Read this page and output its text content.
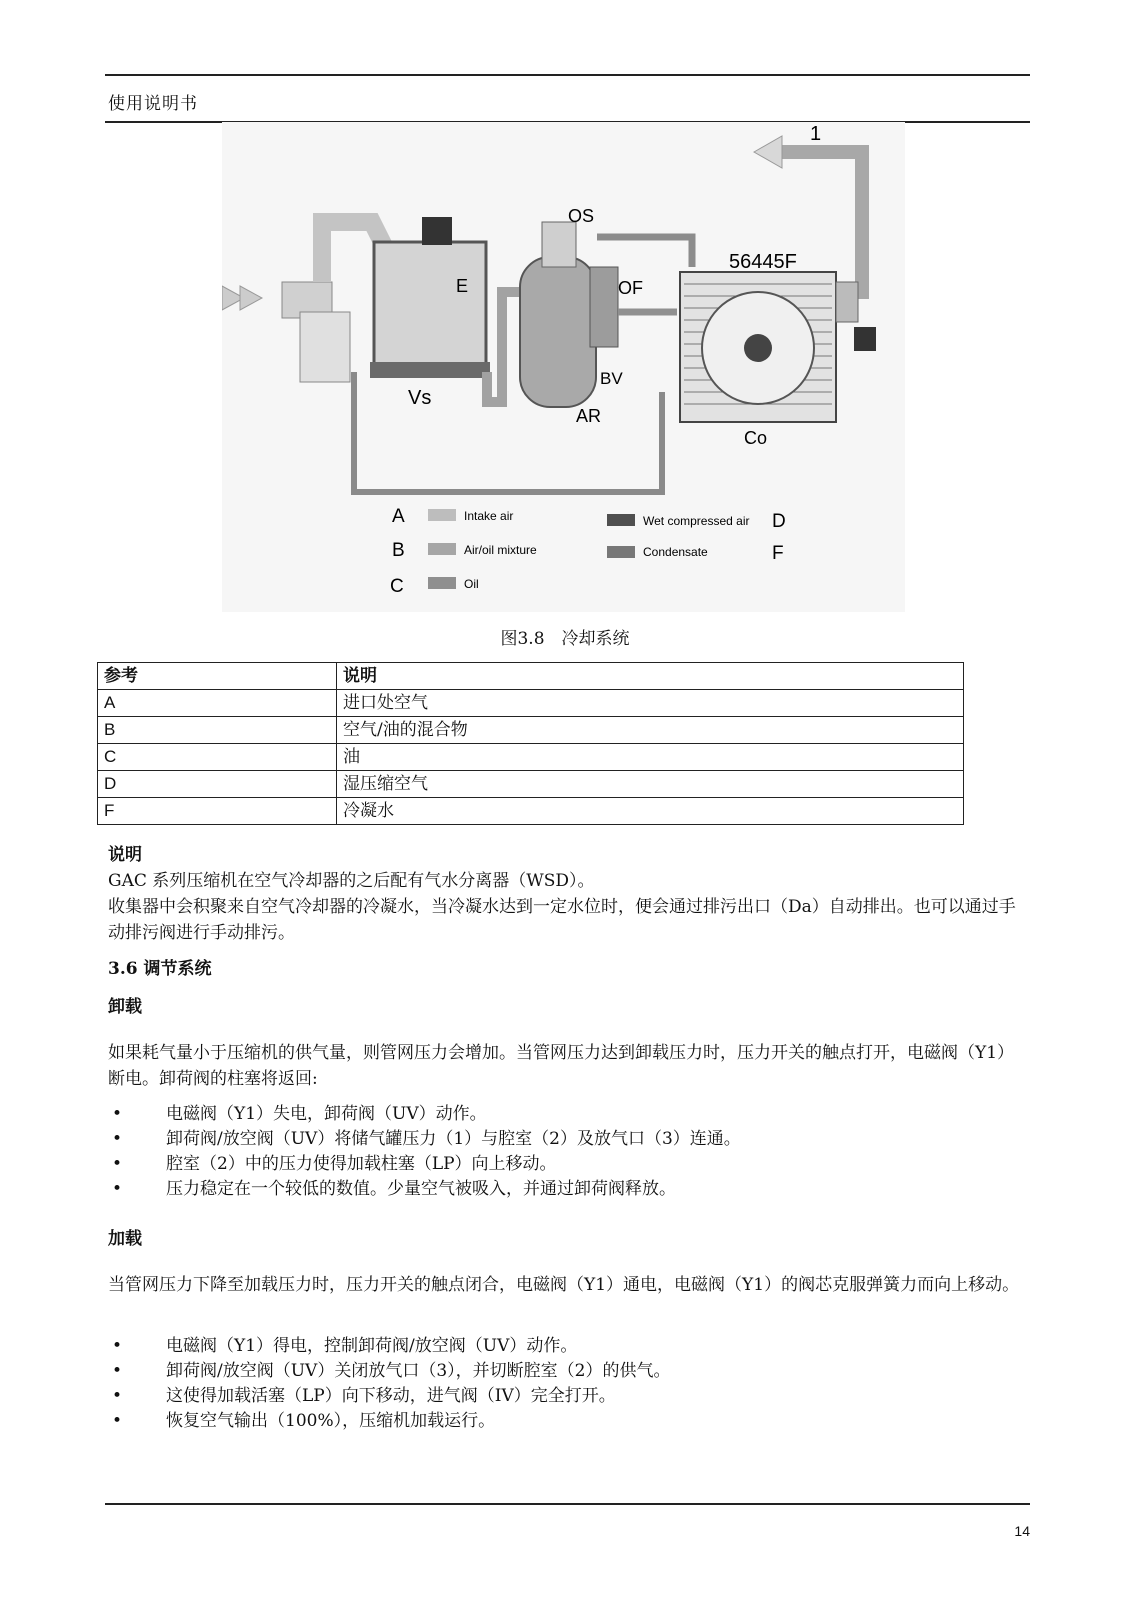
使用说明书
1
E
Vs
OS
AR
OF
BV
56445F
Co
A	Intake air
B	Air/oil mixture
C	Oil
Wet compressed air D
Condensate	F
图3.8　冷却系统
参考	说明
A	进口处空气
B	空气/油的混合物
C	油
D	湿压缩空气
F	冷凝水
说明
GAC 系列压缩机在空气冷却器的之后配有气水分离器（WSD）。
收集器中会积聚来自空气冷却器的冷凝水，当冷凝水达到一定水位时，便会通过排污出口（Da）自动排出。也可以通过手动排污阀进行手动排污。
3.6 调节系统
卸载
如果耗气量小于压缩机的供气量，则管网压力会增加。当管网压力达到卸载压力时，压力开关的触点打开，电磁阀（Y1）断电。卸荷阀的柱塞将返回:
•	电磁阀（Y1）失电，卸荷阀（UV）动作。
•	卸荷阀/放空阀（UV）将储气罐压力（1）与腔室（2）及放气口（3）连通。
•	腔室（2）中的压力使得加载柱塞（LP）向上移动。
•	压力稳定在一个较低的数值。少量空气被吸入，并通过卸荷阀释放。
加载
当管网压力下降至加载压力时，压力开关的触点闭合，电磁阀（Y1）通电，电磁阀（Y1）的阀芯克服弹簧力而向上移动。
•	电磁阀（Y1）得电，控制卸荷阀/放空阀（UV）动作。
•	卸荷阀/放空阀（UV）关闭放气口（3），并切断腔室（2）的供气。
•	这使得加载活塞（LP）向下移动，进气阀（IV）完全打开。
•	恢复空气输出（100%），压缩机加载运行。
14
